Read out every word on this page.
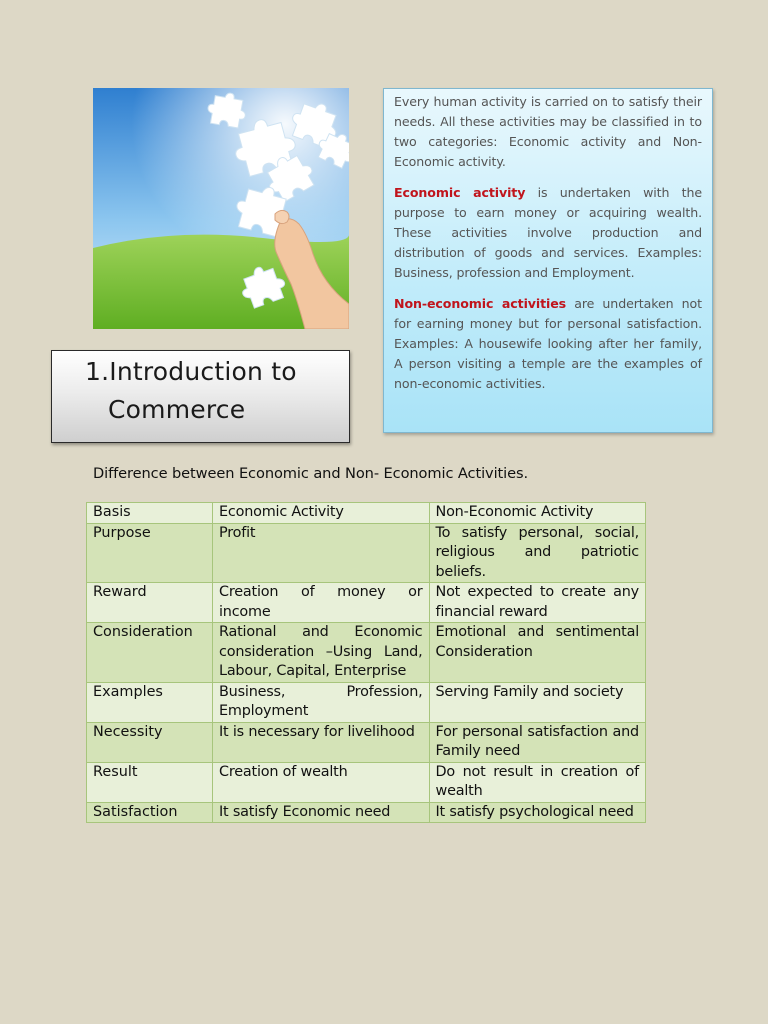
1.Introduction to
Commerce

Every human activity is carried on to satisfy their needs. All these activities may be classified in to two categories: Economic activity and Non- Economic activity.

Economic activity is undertaken with the purpose to earn money or acquiring wealth. These activities involve production and distribution of goods and services. Examples: Business, profession and Employment.

Non-economic activities are undertaken not for earning money but for personal satisfaction. Examples: A housewife looking after her family, A person visiting a temple are the examples of non-economic activities.

Difference between Economic and Non- Economic Activities.
Basis	Economic Activity	Non-Economic Activity
Purpose	Profit	To satisfy personal, social, religious and patriotic beliefs.
Reward	Creation of money or income	Not expected to create any financial reward
Consideration	Rational and Economic consideration –Using Land, Labour, Capital, Enterprise	Emotional and sentimental Consideration
Examples	Business, Profession, Employment	Serving Family and society
Necessity	It is necessary for livelihood	For personal satisfaction and Family need
Result	Creation of wealth	Do not result in creation of wealth
Satisfaction	It satisfy Economic need	It satisfy psychological need
